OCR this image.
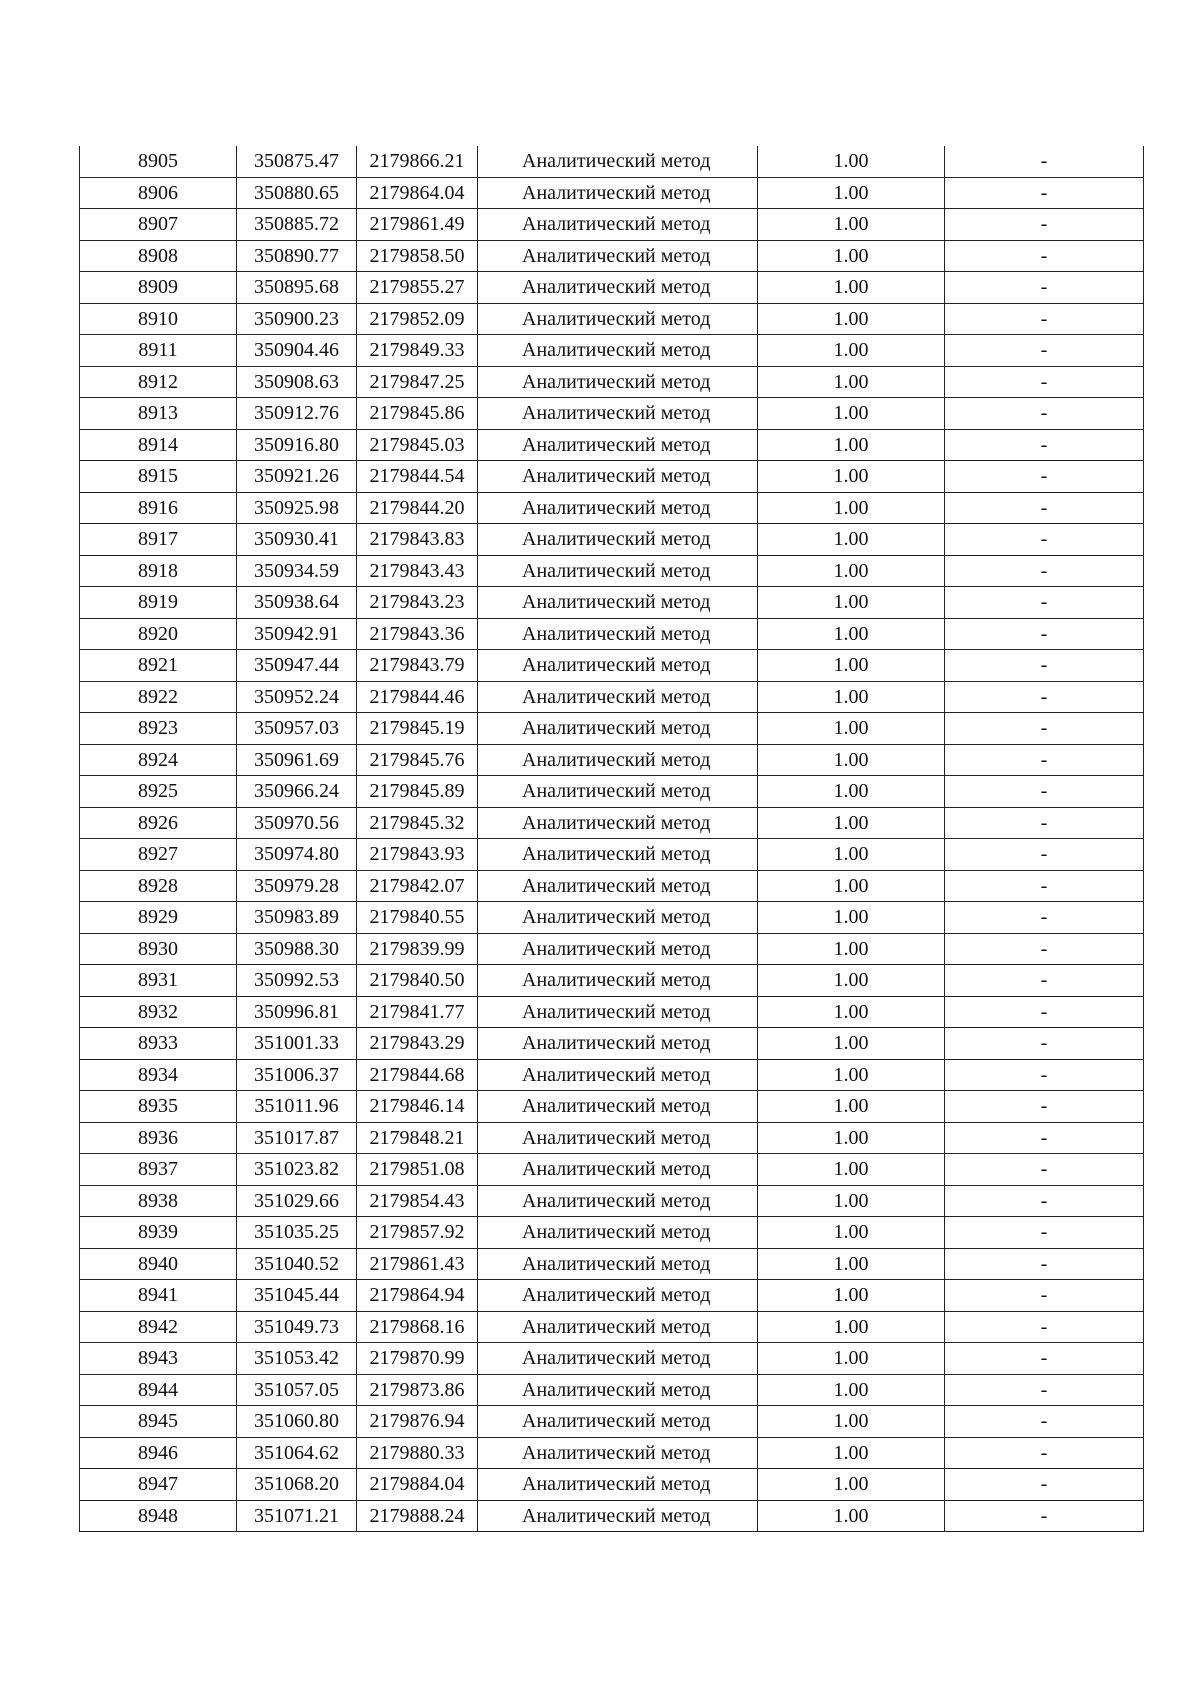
8905	350875.47	2179866.21	Аналитический метод	1.00	-
8906	350880.65	2179864.04	Аналитический метод	1.00	-
8907	350885.72	2179861.49	Аналитический метод	1.00	-
8908	350890.77	2179858.50	Аналитический метод	1.00	-
8909	350895.68	2179855.27	Аналитический метод	1.00	-
8910	350900.23	2179852.09	Аналитический метод	1.00	-
8911	350904.46	2179849.33	Аналитический метод	1.00	-
8912	350908.63	2179847.25	Аналитический метод	1.00	-
8913	350912.76	2179845.86	Аналитический метод	1.00	-
8914	350916.80	2179845.03	Аналитический метод	1.00	-
8915	350921.26	2179844.54	Аналитический метод	1.00	-
8916	350925.98	2179844.20	Аналитический метод	1.00	-
8917	350930.41	2179843.83	Аналитический метод	1.00	-
8918	350934.59	2179843.43	Аналитический метод	1.00	-
8919	350938.64	2179843.23	Аналитический метод	1.00	-
8920	350942.91	2179843.36	Аналитический метод	1.00	-
8921	350947.44	2179843.79	Аналитический метод	1.00	-
8922	350952.24	2179844.46	Аналитический метод	1.00	-
8923	350957.03	2179845.19	Аналитический метод	1.00	-
8924	350961.69	2179845.76	Аналитический метод	1.00	-
8925	350966.24	2179845.89	Аналитический метод	1.00	-
8926	350970.56	2179845.32	Аналитический метод	1.00	-
8927	350974.80	2179843.93	Аналитический метод	1.00	-
8928	350979.28	2179842.07	Аналитический метод	1.00	-
8929	350983.89	2179840.55	Аналитический метод	1.00	-
8930	350988.30	2179839.99	Аналитический метод	1.00	-
8931	350992.53	2179840.50	Аналитический метод	1.00	-
8932	350996.81	2179841.77	Аналитический метод	1.00	-
8933	351001.33	2179843.29	Аналитический метод	1.00	-
8934	351006.37	2179844.68	Аналитический метод	1.00	-
8935	351011.96	2179846.14	Аналитический метод	1.00	-
8936	351017.87	2179848.21	Аналитический метод	1.00	-
8937	351023.82	2179851.08	Аналитический метод	1.00	-
8938	351029.66	2179854.43	Аналитический метод	1.00	-
8939	351035.25	2179857.92	Аналитический метод	1.00	-
8940	351040.52	2179861.43	Аналитический метод	1.00	-
8941	351045.44	2179864.94	Аналитический метод	1.00	-
8942	351049.73	2179868.16	Аналитический метод	1.00	-
8943	351053.42	2179870.99	Аналитический метод	1.00	-
8944	351057.05	2179873.86	Аналитический метод	1.00	-
8945	351060.80	2179876.94	Аналитический метод	1.00	-
8946	351064.62	2179880.33	Аналитический метод	1.00	-
8947	351068.20	2179884.04	Аналитический метод	1.00	-
8948	351071.21	2179888.24	Аналитический метод	1.00	-
